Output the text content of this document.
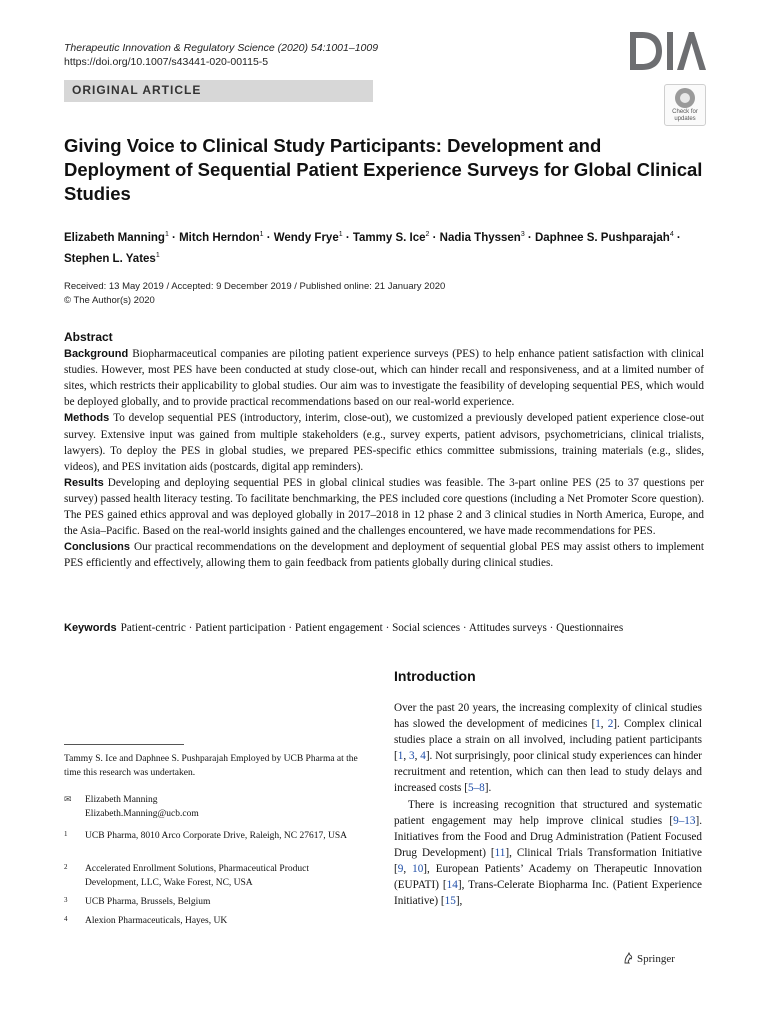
Therapeutic Innovation & Regulatory Science (2020) 54:1001–1009
https://doi.org/10.1007/s43441-020-00115-5
ORIGINAL ARTICLE
Check for updates
Giving Voice to Clinical Study Participants: Development and Deployment of Sequential Patient Experience Surveys for Global Clinical Studies
Elizabeth Manning$^1$ · Mitch Herndon$^1$ · Wendy Frye$^1$ · Tammy S. Ice$^2$ · Nadia Thyssen$^3$ · Daphnee S. Pushparajah$^4$ · Stephen L. Yates$^1$
Received: 13 May 2019 / Accepted: 9 December 2019 / Published online: 21 January 2020
© The Author(s) 2020
Abstract

Background Biopharmaceutical companies are piloting patient experience surveys (PES) to help enhance patient satisfaction with clinical studies. However, most PES have been conducted at study close-out, which can hinder recall and responsiveness, and at a limited number of sites, which restricts their applicability to global studies. Our aim was to investigate the feasibility of developing sequential PES, which would be deployed globally, and to provide practical recommendations based on our real-world experience.

Methods To develop sequential PES (introductory, interim, close-out), we customized a previously developed patient experience close-out survey. Extensive input was gained from multiple stakeholders (e.g., survey experts, patient advisors, psychometricians, clinical trialists, lawyers). To deploy the PES in global studies, we prepared PES-specific ethics committee submissions, training materials (e.g., slides, videos), and PES invitation aids (postcards, digital app reminders).

Results Developing and deploying sequential PES in global clinical studies was feasible. The 3-part online PES (25 to 37 questions per survey) passed health literacy testing. To facilitate benchmarking, the PES included core questions (including a Net Promoter Score question). The PES gained ethics approval and was deployed globally in 2017–2018 in 12 phase 2 and 3 clinical studies in North America, Europe, and the Asia–Pacific. Based on the real-world insights gained and the challenges encountered, we have made recommendations for PES.

Conclusions Our practical recommendations on the development and deployment of sequential global PES may assist others to implement PES efficiently and effectively, allowing them to gain feedback from patients globally during clinical studies.

Keywords Patient-centric · Patient participation · Patient engagement · Social sciences · Attitudes surveys · Questionnaires
Tammy S. Ice and Daphnee S. Pushparajah Employed by UCB Pharma at the time this research was undertaken.
✉ Elizabeth Manning
Elizabeth.Manning@ucb.com
1 UCB Pharma, 8010 Arco Corporate Drive, Raleigh, NC 27617, USA
2 Accelerated Enrollment Solutions, Pharmaceutical Product Development, LLC, Wake Forest, NC, USA
3 UCB Pharma, Brussels, Belgium
4 Alexion Pharmaceuticals, Hayes, UK
Introduction

Over the past 20 years, the increasing complexity of clinical studies has slowed the development of medicines [1, 2]. Complex clinical studies place a strain on all involved, including patient participants [1, 3, 4]. Not surprisingly, poor clinical study experiences can hinder recruitment and retention, which can then lead to study delays and increased costs [5–8].

There is increasing recognition that structured and systematic patient engagement may help improve clinical studies [9–13]. Initiatives from the Food and Drug Administration (Patient Focused Drug Development) [11], Clinical Trials Transformation Initiative [9, 10], European Patients’ Academy on Therapeutic Innovation (EUPATI) [14], Trans-Celerate Biopharma Inc. (Patient Experience Initiative) [15],

Springer
